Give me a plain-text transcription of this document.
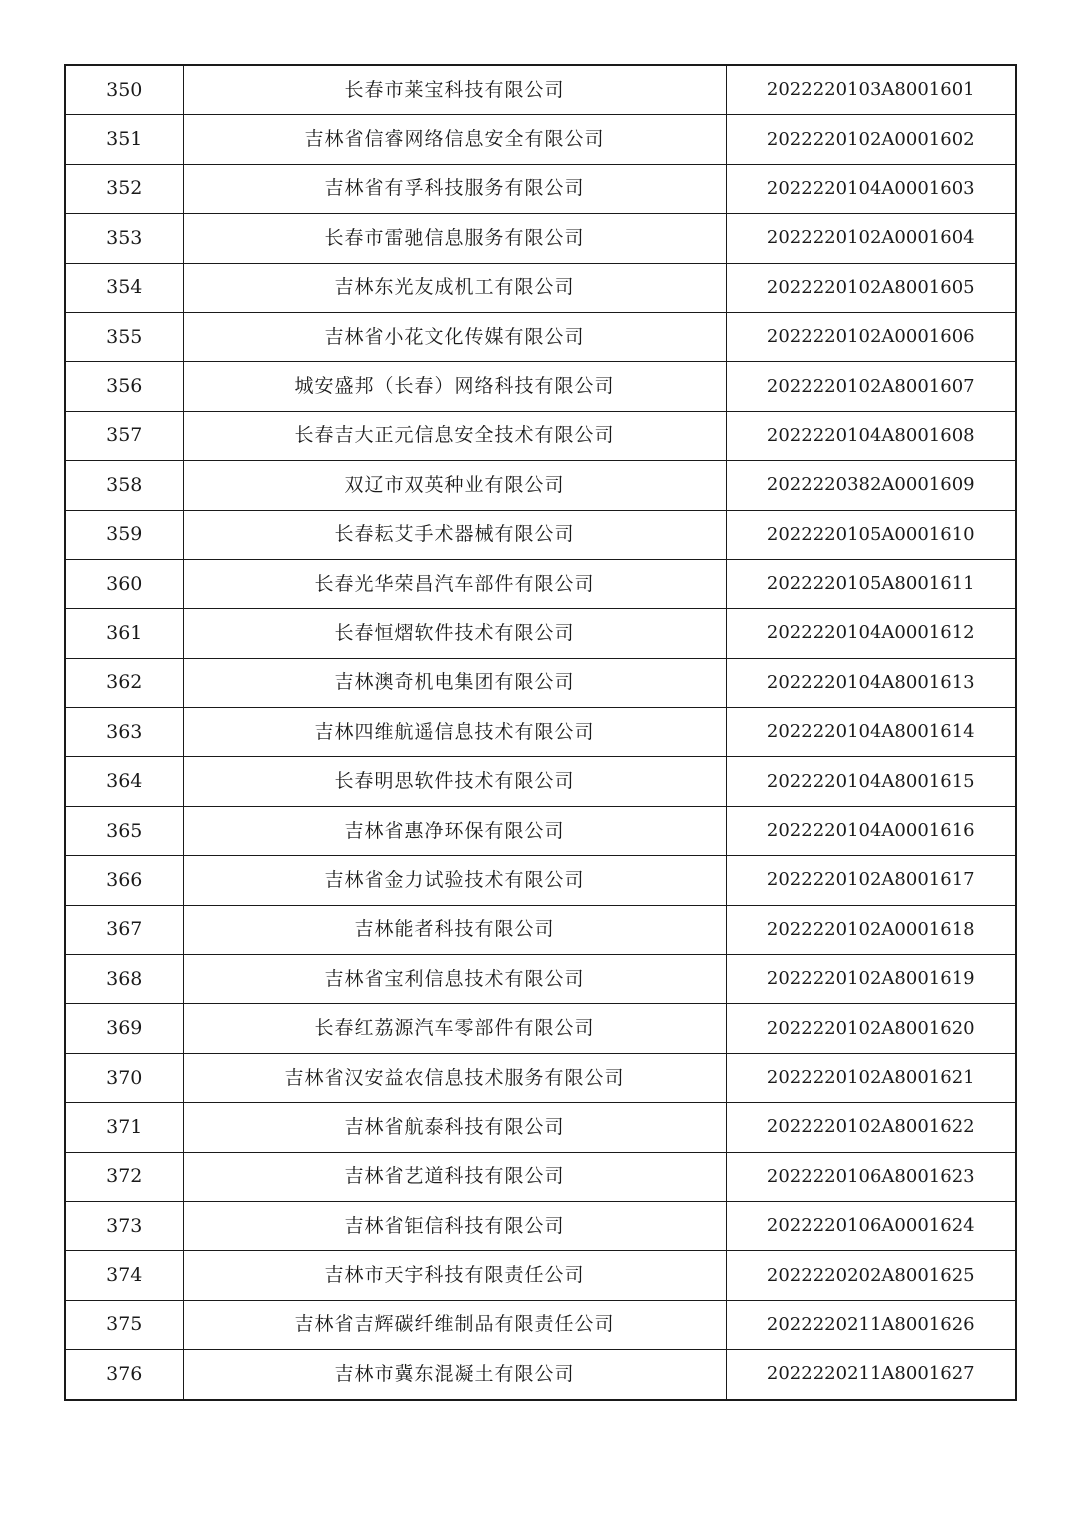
350	长春市莱宝科技有限公司	2022220103A8001601
351	吉林省信睿网络信息安全有限公司	2022220102A0001602
352	吉林省有孚科技服务有限公司	2022220104A0001603
353	长春市雷驰信息服务有限公司	2022220102A0001604
354	吉林东光友成机工有限公司	2022220102A8001605
355	吉林省小花文化传媒有限公司	2022220102A0001606
356	城安盛邦（长春）网络科技有限公司	2022220102A8001607
357	长春吉大正元信息安全技术有限公司	2022220104A8001608
358	双辽市双英种业有限公司	2022220382A0001609
359	长春耘艾手术器械有限公司	2022220105A0001610
360	长春光华荣昌汽车部件有限公司	2022220105A8001611
361	长春恒熠软件技术有限公司	2022220104A0001612
362	吉林澳奇机电集团有限公司	2022220104A8001613
363	吉林四维航遥信息技术有限公司	2022220104A8001614
364	长春明思软件技术有限公司	2022220104A8001615
365	吉林省惠净环保有限公司	2022220104A0001616
366	吉林省金力试验技术有限公司	2022220102A8001617
367	吉林能者科技有限公司	2022220102A0001618
368	吉林省宝利信息技术有限公司	2022220102A8001619
369	长春红荔源汽车零部件有限公司	2022220102A8001620
370	吉林省汉安益农信息技术服务有限公司	2022220102A8001621
371	吉林省航泰科技有限公司	2022220102A8001622
372	吉林省艺道科技有限公司	2022220106A8001623
373	吉林省钜信科技有限公司	2022220106A0001624
374	吉林市天宇科技有限责任公司	2022220202A8001625
375	吉林省吉辉碳纤维制品有限责任公司	2022220211A8001626
376	吉林市冀东混凝土有限公司	2022220211A8001627
